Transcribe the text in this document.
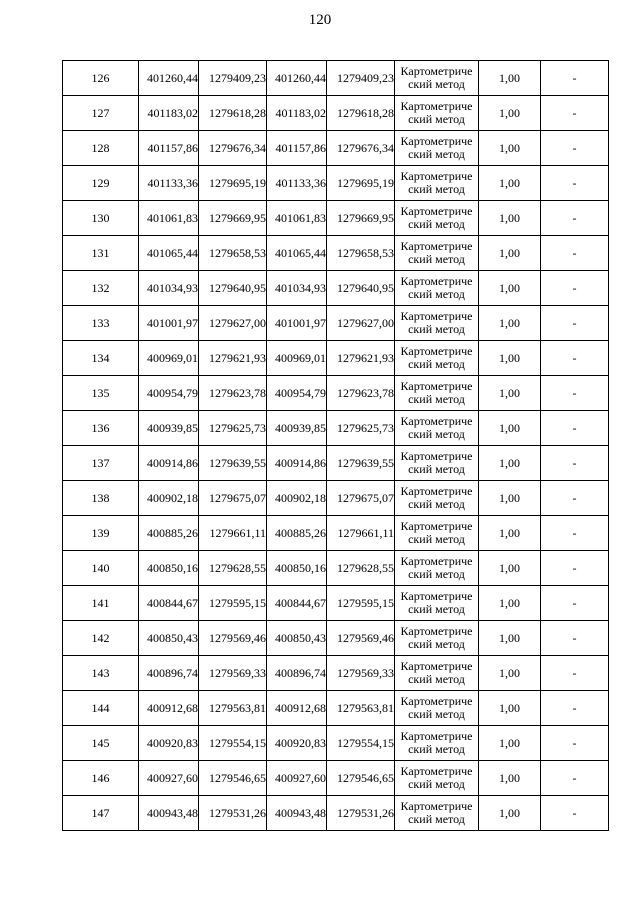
120
126	401260,44	1279409,23	401260,44	1279409,23	Картометриче
ский метод	1,00	-
127	401183,02	1279618,28	401183,02	1279618,28	Картометриче
ский метод	1,00	-
128	401157,86	1279676,34	401157,86	1279676,34	Картометриче
ский метод	1,00	-
129	401133,36	1279695,19	401133,36	1279695,19	Картометриче
ский метод	1,00	-
130	401061,83	1279669,95	401061,83	1279669,95	Картометриче
ский метод	1,00	-
131	401065,44	1279658,53	401065,44	1279658,53	Картометриче
ский метод	1,00	-
132	401034,93	1279640,95	401034,93	1279640,95	Картометриче
ский метод	1,00	-
133	401001,97	1279627,00	401001,97	1279627,00	Картометриче
ский метод	1,00	-
134	400969,01	1279621,93	400969,01	1279621,93	Картометриче
ский метод	1,00	-
135	400954,79	1279623,78	400954,79	1279623,78	Картометриче
ский метод	1,00	-
136	400939,85	1279625,73	400939,85	1279625,73	Картометриче
ский метод	1,00	-
137	400914,86	1279639,55	400914,86	1279639,55	Картометриче
ский метод	1,00	-
138	400902,18	1279675,07	400902,18	1279675,07	Картометриче
ский метод	1,00	-
139	400885,26	1279661,11	400885,26	1279661,11	Картометриче
ский метод	1,00	-
140	400850,16	1279628,55	400850,16	1279628,55	Картометриче
ский метод	1,00	-
141	400844,67	1279595,15	400844,67	1279595,15	Картометриче
ский метод	1,00	-
142	400850,43	1279569,46	400850,43	1279569,46	Картометриче
ский метод	1,00	-
143	400896,74	1279569,33	400896,74	1279569,33	Картометриче
ский метод	1,00	-
144	400912,68	1279563,81	400912,68	1279563,81	Картометриче
ский метод	1,00	-
145	400920,83	1279554,15	400920,83	1279554,15	Картометриче
ский метод	1,00	-
146	400927,60	1279546,65	400927,60	1279546,65	Картометриче
ский метод	1,00	-
147	400943,48	1279531,26	400943,48	1279531,26	Картометриче
ский метод	1,00	-
